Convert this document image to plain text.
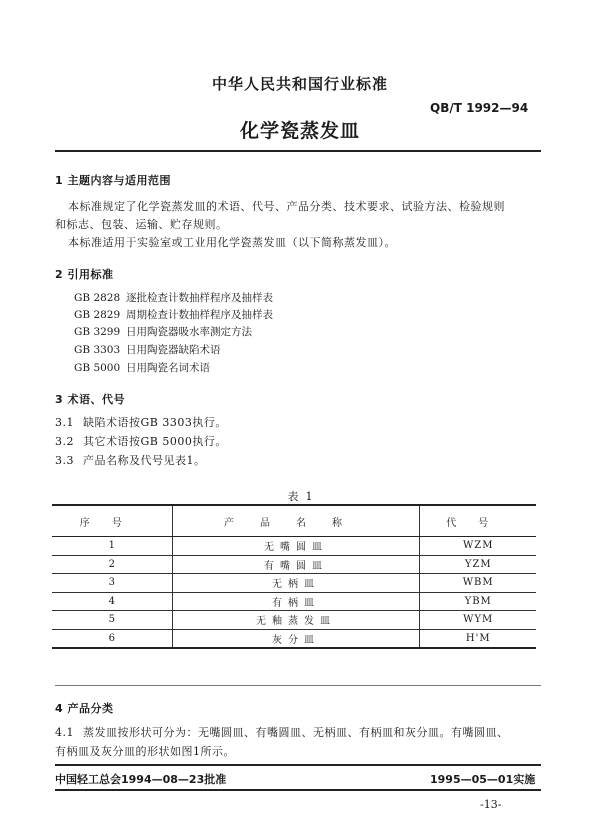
中华人民共和国行业标准
QB/T 1992—94
化学瓷蒸发皿
1 主题内容与适用范围
本标准规定了化学瓷蒸发皿的术语、代号、产品分类、技术要求、试验方法、检验规则
和标志、包装、运输、贮存规则。
本标准适用于实验室或工业用化学瓷蒸发皿（以下简称蒸发皿）。
2 引用标准
GB 2828 逐批检查计数抽样程序及抽样表
GB 2829 周期检查计数抽样程序及抽样表
GB 3299 日用陶瓷器吸水率测定方法
GB 3303 日用陶瓷器缺陷术语
GB 5000 日用陶瓷名词术语
3 术语、代号
3.1 缺陷术语按GB 3303执行。
3.2 其它术语按GB 5000执行。
3.3 产品名称及代号见表1。
表  1
序号	产品名称	代号
1	无嘴圆皿	WZM
2	有嘴圆皿	YZM
3	无柄皿	WBM
4	有柄皿	YBM
5	无釉蒸发皿	WYM
6	灰分皿	H'M
4 产品分类
4.1 蒸发皿按形状可分为：无嘴圆皿、有嘴圆皿、无柄皿、有柄皿和灰分皿。有嘴圆皿、
有柄皿及灰分皿的形状如图1所示。
中国轻工总会1994—08—23批准	1995—05—01实施
-13-
